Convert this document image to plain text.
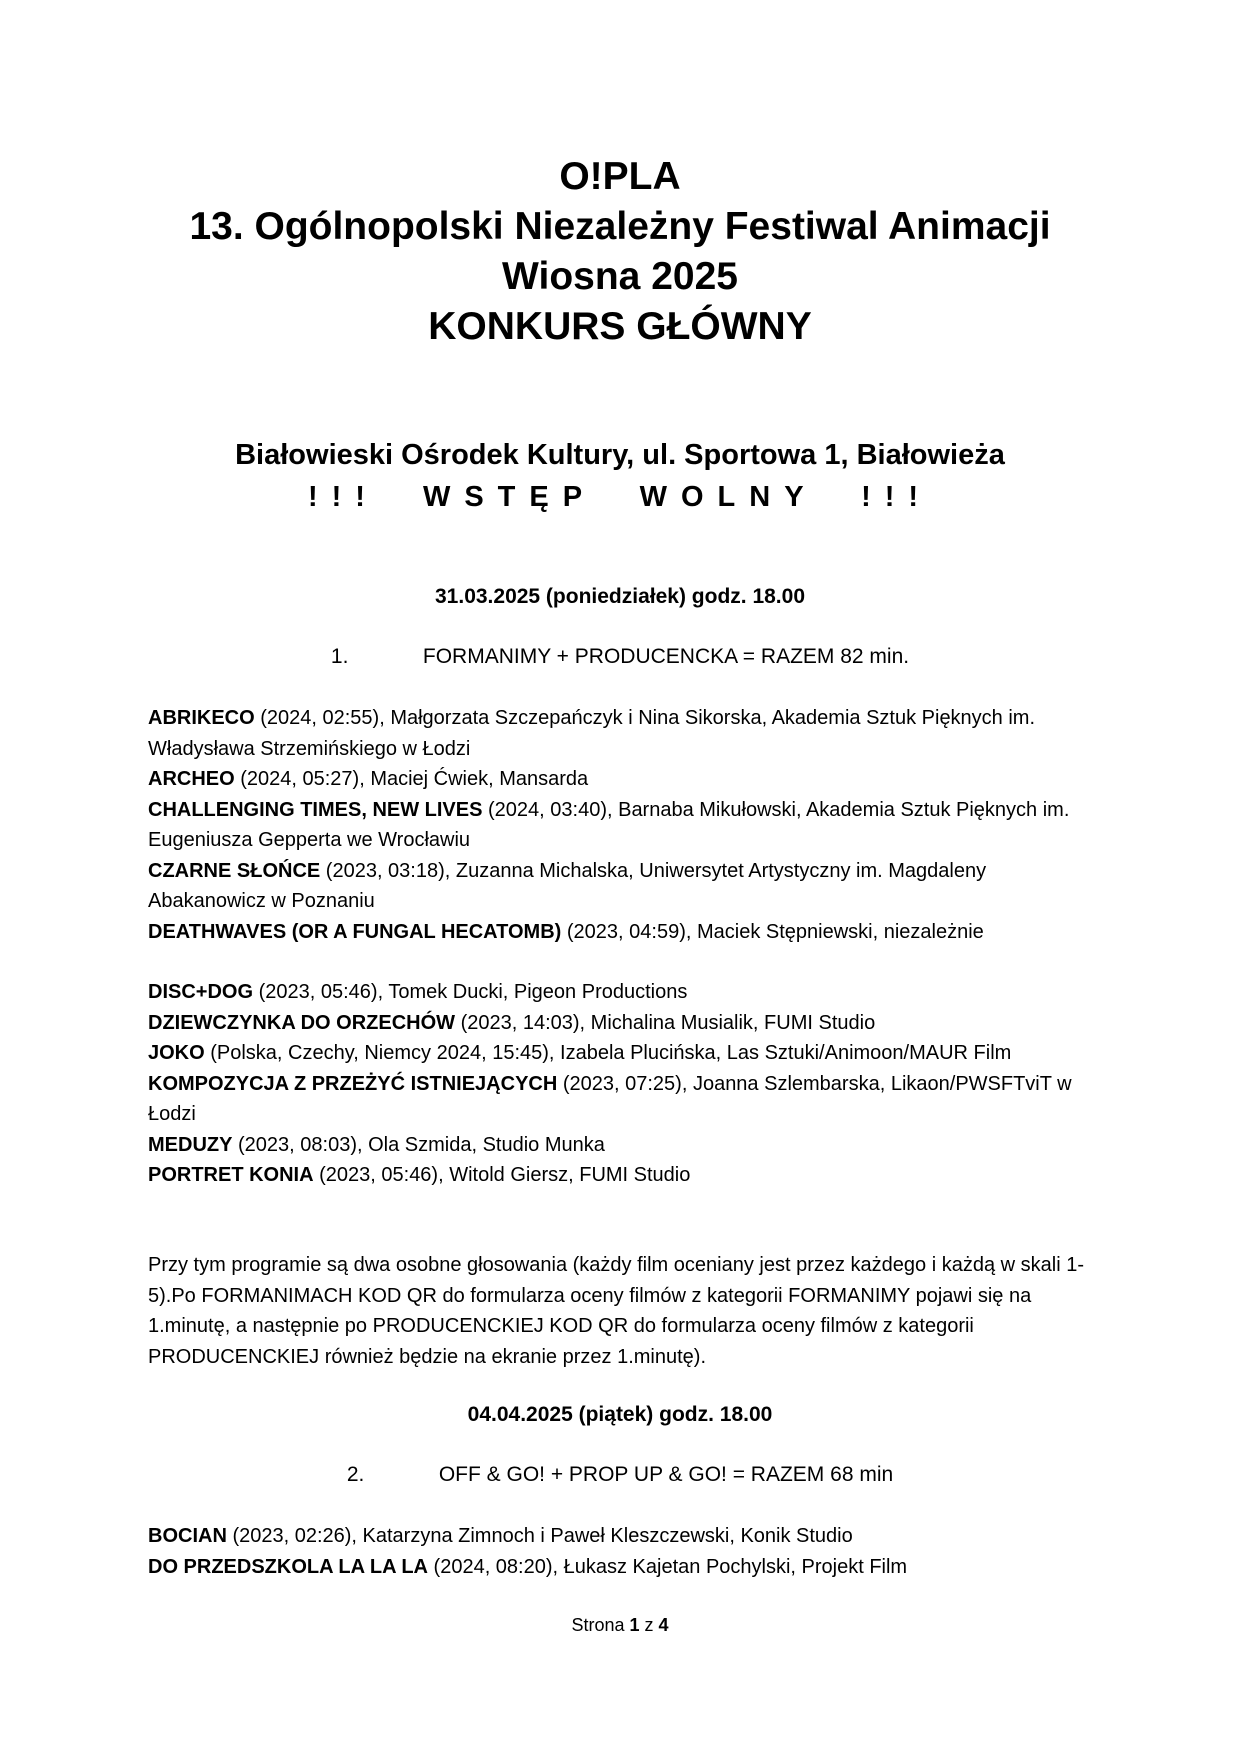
O!PLA

13. Ogólnopolski Niezależny Festiwal Animacji

Wiosna 2025

KONKURS GŁÓWNY

Białowieski Ośrodek Kultury, ul. Sportowa 1, Białowieża

!!! WSTĘP WOLNY !!!

31.03.2025 (poniedziałek) godz. 18.00
1.	FORMANIMY + PRODUCENCKA = RAZEM 82 min.

ABRIKECO (2024, 02:55), Małgorzata Szczepańczyk i Nina Sikorska, Akademia Sztuk Pięknych im. Władysława Strzemińskiego w Łodzi

ARCHEO (2024, 05:27), Maciej Ćwiek, Mansarda

CHALLENGING TIMES, NEW LIVES (2024, 03:40), Barnaba Mikułowski, Akademia Sztuk Pięknych im. Eugeniusza Gepperta we Wrocławiu

CZARNE SŁOŃCE (2023, 03:18), Zuzanna Michalska, Uniwersytet Artystyczny im. Magdaleny Abakanowicz w Poznaniu

DEATHWAVES (OR A FUNGAL HECATOMB) (2023, 04:59), Maciek Stępniewski, niezależnie

DISC+DOG (2023, 05:46), Tomek Ducki, Pigeon Productions

DZIEWCZYNKA DO ORZECHÓW (2023, 14:03), Michalina Musialik, FUMI Studio

JOKO (Polska, Czechy, Niemcy 2024, 15:45), Izabela Plucińska, Las Sztuki/Animoon/MAUR Film

KOMPOZYCJA Z PRZEŻYĆ ISTNIEJĄCYCH (2023, 07:25), Joanna Szlembarska, Likaon/PWSFTviT w Łodzi

MEDUZY (2023, 08:03), Ola Szmida, Studio Munka

PORTRET KONIA (2023, 05:46), Witold Giersz, FUMI Studio

Przy tym programie są dwa osobne głosowania (każdy film oceniany jest przez każdego i każdą w skali 1-5).Po FORMANIMACH KOD QR do formularza oceny filmów z kategorii FORMANIMY pojawi się na 1.minutę, a następnie po PRODUCENCKIEJ KOD QR do formularza oceny filmów z kategorii PRODUCENCKIEJ również będzie na ekranie przez 1.minutę).

04.04.2025 (piątek) godz. 18.00
2.	OFF & GO! + PROP UP & GO! = RAZEM 68 min

BOCIAN (2023, 02:26), Katarzyna Zimnoch i Paweł Kleszczewski, Konik Studio

DO PRZEDSZKOLA LA LA LA (2024, 08:20), Łukasz Kajetan Pochylski, Projekt Film

Strona 1 z 4
